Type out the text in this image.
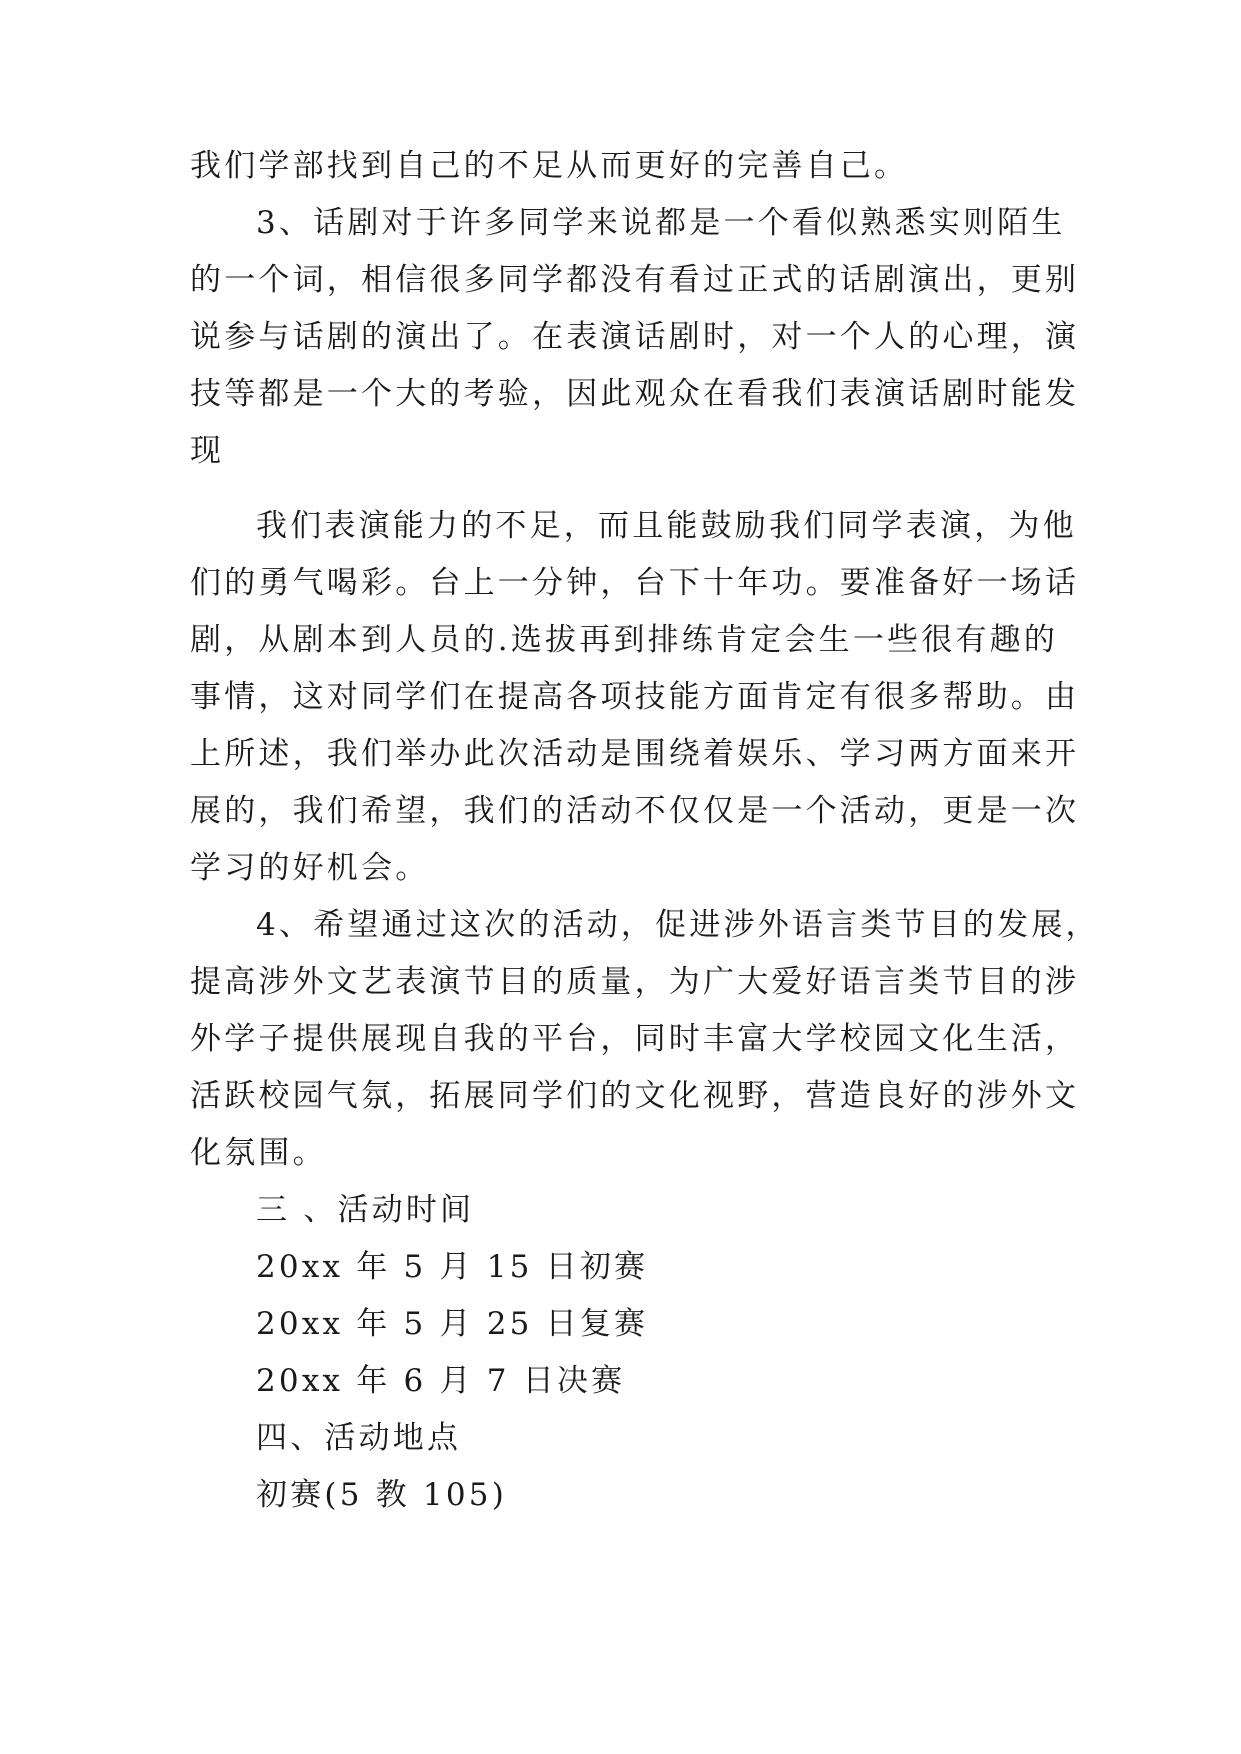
我们学部找到自己的不足从而更好的完善自己。
3、话剧对于许多同学来说都是一个看似熟悉实则陌生
的一个词，相信很多同学都没有看过正式的话剧演出，更别
说参与话剧的演出了。在表演话剧时，对一个人的心理，演
技等都是一个大的考验，因此观众在看我们表演话剧时能发
现
我们表演能力的不足，而且能鼓励我们同学表演，为他
们的勇气喝彩。台上一分钟，台下十年功。要准备好一场话
剧，从剧本到人员的.选拔再到排练肯定会生一些很有趣的
事情，这对同学们在提高各项技能方面肯定有很多帮助。由
上所述，我们举办此次活动是围绕着娱乐、学习两方面来开
展的，我们希望，我们的活动不仅仅是一个活动，更是一次
学习的好机会。
4、希望通过这次的活动，促进涉外语言类节目的发展，
提高涉外文艺表演节目的质量，为广大爱好语言类节目的涉
外学子提供展现自我的平台，同时丰富大学校园文化生活，
活跃校园气氛，拓展同学们的文化视野，营造良好的涉外文
化氛围。
三 、活动时间
20xx 年 5 月 15 日初赛
20xx 年 5 月 25 日复赛
20xx 年 6 月 7 日决赛
四、活动地点
初赛(5 教 105)
